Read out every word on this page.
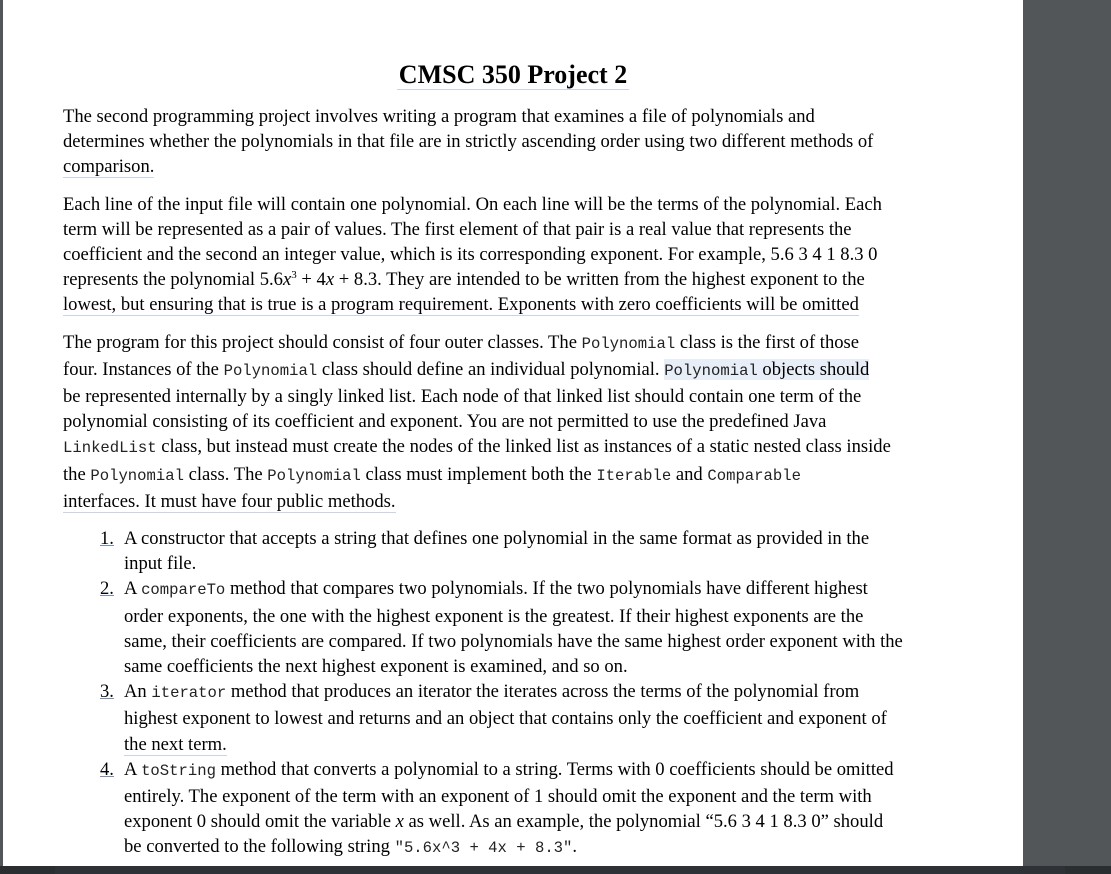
CMSC 350 Project 2

The second programming project involves writing a program that examines a file of polynomials and
determines whether the polynomials in that file are in strictly ascending order using two different methods of
comparison.

Each line of the input file will contain one polynomial. On each line will be the terms of the polynomial. Each
term will be represented as a pair of values. The first element of that pair is a real value that represents the
coefficient and the second an integer value, which is its corresponding exponent. For example, 5.6 3 4 1 8.3 0
represents the polynomial $5.6x^3 + 4x + 8.3$. They are intended to be written from the highest exponent to the
lowest, but ensuring that is true is a program requirement. Exponents with zero coefficients will be omitted

The program for this project should consist of four outer classes. The Polynomial class is the first of those
four. Instances of the Polynomial class should define an individual polynomial. Polynomial objects should
be represented internally by a singly linked list. Each node of that linked list should contain one term of the
polynomial consisting of its coefficient and exponent. You are not permitted to use the predefined Java
LinkedList class, but instead must create the nodes of the linked list as instances of a static nested class inside
the Polynomial class. The Polynomial class must implement both the Iterable and Comparable
interfaces. It must have four public methods.

1. A constructor that accepts a string that defines one polynomial in the same format as provided in the
input file.
2. A compareTo method that compares two polynomials. If the two polynomials have different highest
order exponents, the one with the highest exponent is the greatest. If their highest exponents are the
same, their coefficients are compared. If two polynomials have the same highest order exponent with the
same coefficients the next highest exponent is examined, and so on.
3. An iterator method that produces an iterator the iterates across the terms of the polynomial from
highest exponent to lowest and returns and an object that contains only the coefficient and exponent of
the next term.
4. A toString method that converts a polynomial to a string. Terms with 0 coefficients should be omitted
entirely. The exponent of the term with an exponent of 1 should omit the exponent and the term with
exponent 0 should omit the variable x as well. As an example, the polynomial “5.6 3 4 1 8.3 0” should
be converted to the following string "5.6x^3 + 4x + 8.3".
